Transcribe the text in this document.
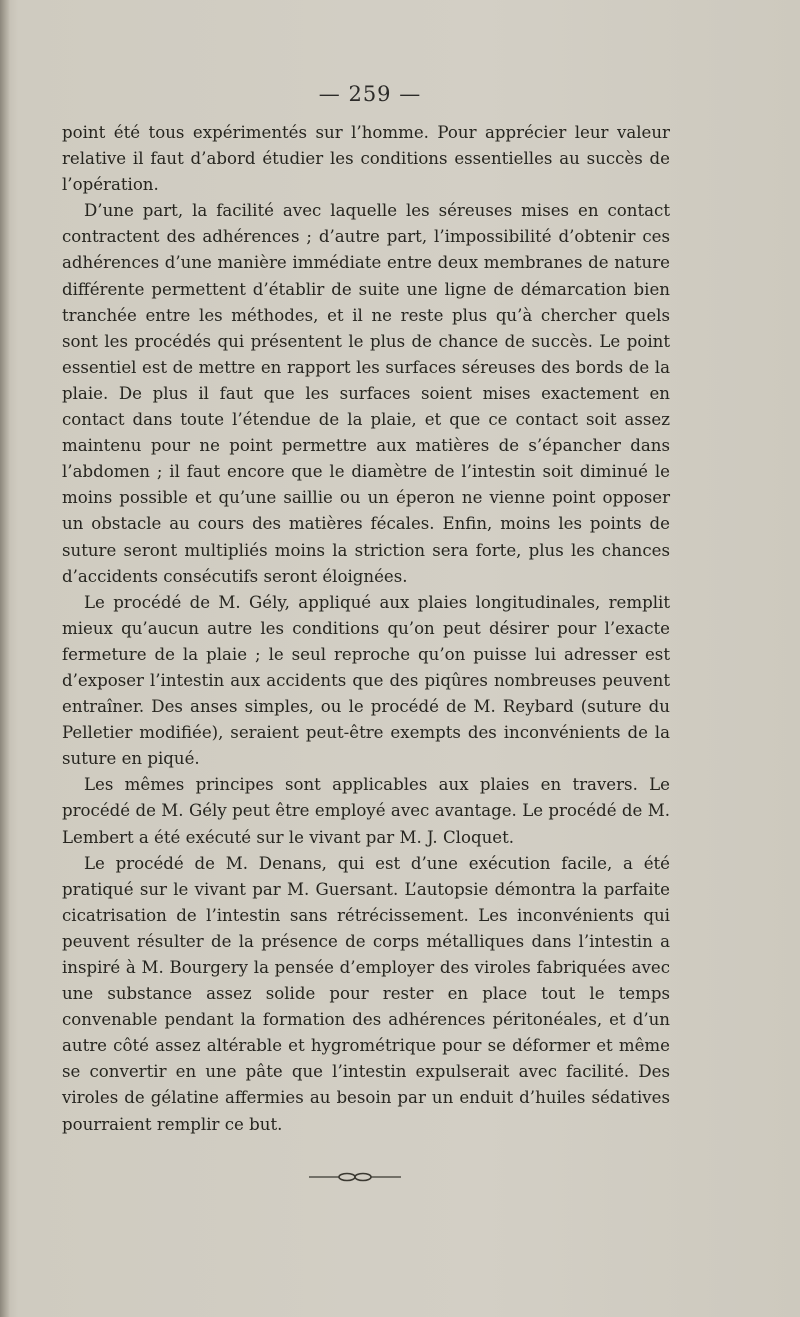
— 259 —

point été tous expérimentés sur l’homme. Pour apprécier leur valeur relative il faut d’abord étudier les conditions essentielles au succès de l’opération.

D’une part, la facilité avec laquelle les séreuses mises en contact contractent des adhérences ; d’autre part, l’impossibilité d’obtenir ces adhérences d’une manière immédiate entre deux membranes de nature différente permettent d’établir de suite une ligne de démarcation bien tranchée entre les méthodes, et il ne reste plus qu’à chercher quels sont les procédés qui présentent le plus de chance de succès. Le point essentiel est de mettre en rapport les surfaces séreuses des bords de la plaie. De plus il faut que les surfaces soient mises exactement en contact dans toute l’étendue de la plaie, et que ce contact soit assez maintenu pour ne point permettre aux matières de s’épancher dans l’abdomen ; il faut encore que le diamètre de l’intestin soit diminué le moins possible et qu’une saillie ou un éperon ne vienne point opposer un obstacle au cours des matières fécales. Enfin, moins les points de suture seront multipliés moins la striction sera forte, plus les chances d’accidents consécutifs seront éloignées.

Le procédé de M. Gély, appliqué aux plaies longitudinales, remplit mieux qu’aucun autre les conditions qu’on peut désirer pour l’exacte fermeture de la plaie ; le seul reproche qu’on puisse lui adresser est d’exposer l’intestin aux accidents que des piqûres nombreuses peuvent entraîner. Des anses simples, ou le procédé de M. Reybard (suture du Pelletier modifiée), seraient peut-être exempts des inconvénients de la suture en piqué.

Les mêmes principes sont applicables aux plaies en travers. Le procédé de M. Gély peut être employé avec avantage. Le procédé de M. Lembert a été exécuté sur le vivant par M. J. Cloquet.

Le procédé de M. Denans, qui est d’une exécution facile, a été pratiqué sur le vivant par M. Guersant. L’autopsie démontra la parfaite cicatrisation de l’intestin sans rétrécissement. Les inconvénients qui peuvent résulter de la présence de corps métalliques dans l’intestin a inspiré à M. Bourgery la pensée d’employer des viroles fabriquées avec une substance assez solide pour rester en place tout le temps convenable pendant la formation des adhérences péritonéales, et d’un autre côté assez altérable et hygrométrique pour se déformer et même se convertir en une pâte que l’intestin expulserait avec facilité. Des viroles de gélatine affermies au besoin par un enduit d’huiles sédatives pourraient remplir ce but.
